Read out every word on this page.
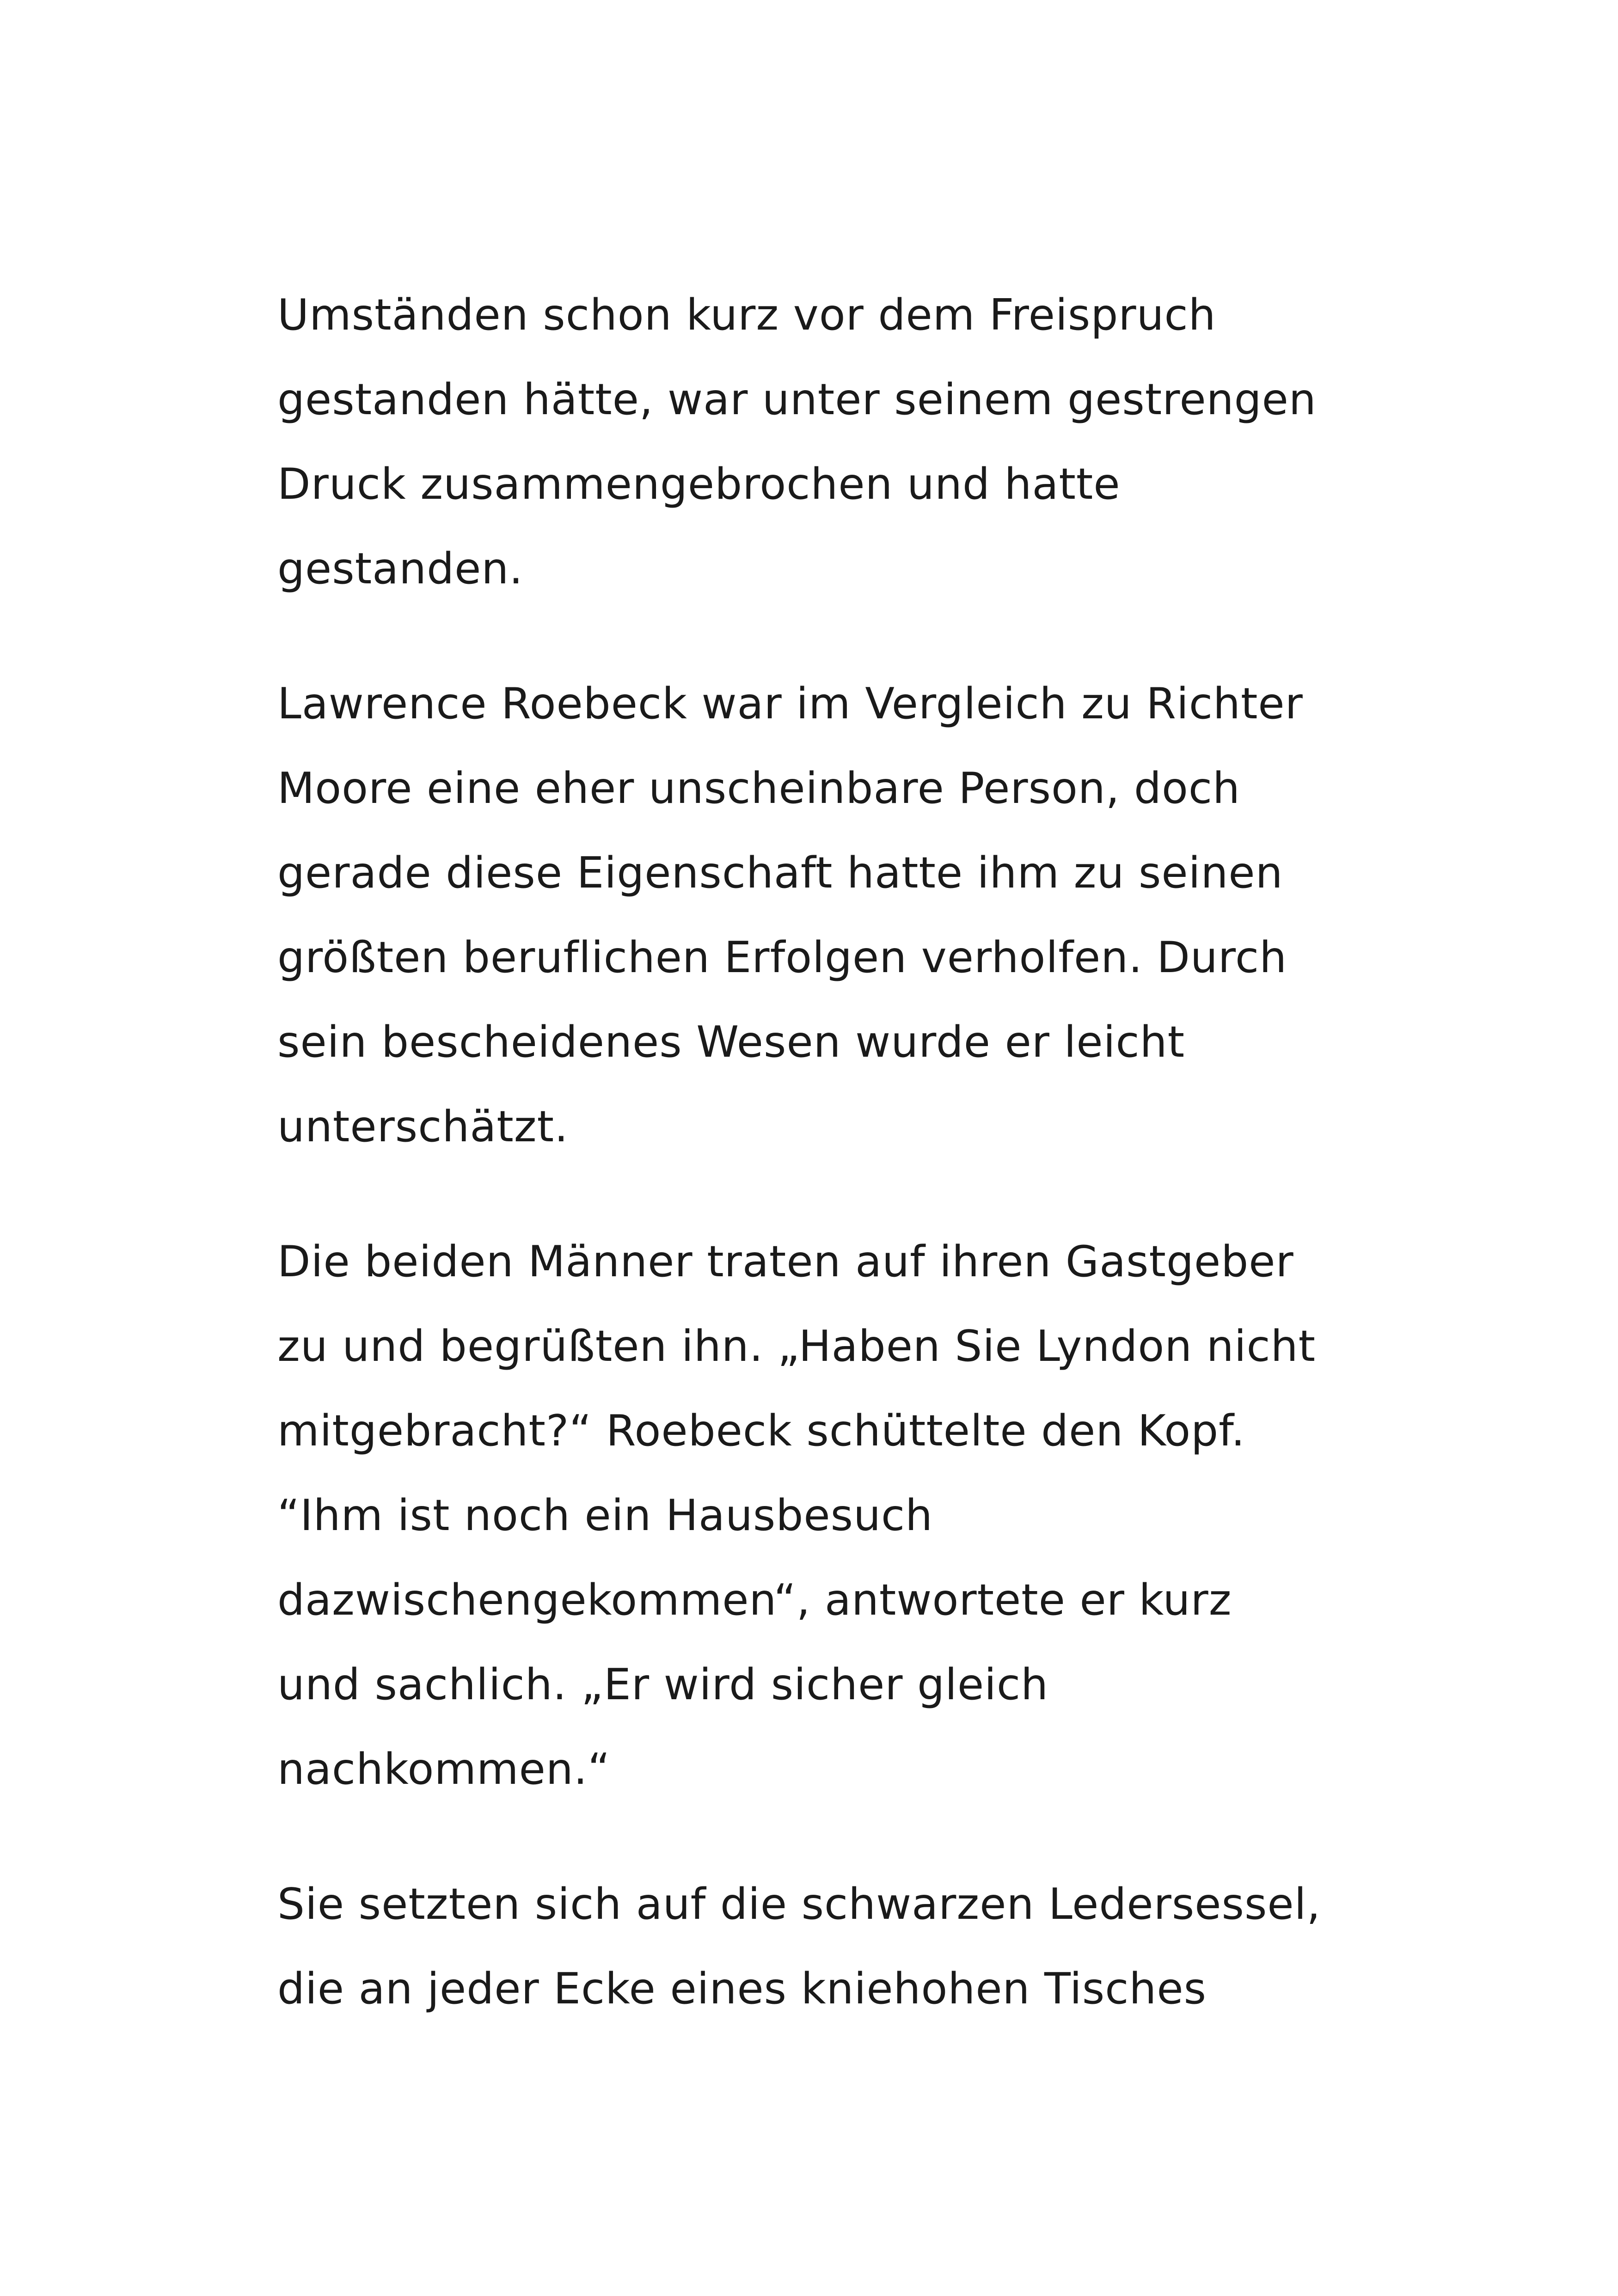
Umständen schon kurz vor dem Freispruch
gestanden hätte, war unter seinem gestrengen
Druck zusammengebrochen und hatte
gestanden.

Lawrence Roebeck war im Vergleich zu Richter
Moore eine eher unscheinbare Person, doch
gerade diese Eigenschaft hatte ihm zu seinen
größten beruflichen Erfolgen verholfen. Durch
sein bescheidenes Wesen wurde er leicht
unterschätzt.

Die beiden Männer traten auf ihren Gastgeber
zu und begrüßten ihn. „Haben Sie Lyndon nicht
mitgebracht?“ Roebeck schüttelte den Kopf.
“Ihm ist noch ein Hausbesuch
dazwischengekommen“, antwortete er kurz
und sachlich. „Er wird sicher gleich
nachkommen.“

Sie setzten sich auf die schwarzen Ledersessel,
die an jeder Ecke eines kniehohen Tisches
